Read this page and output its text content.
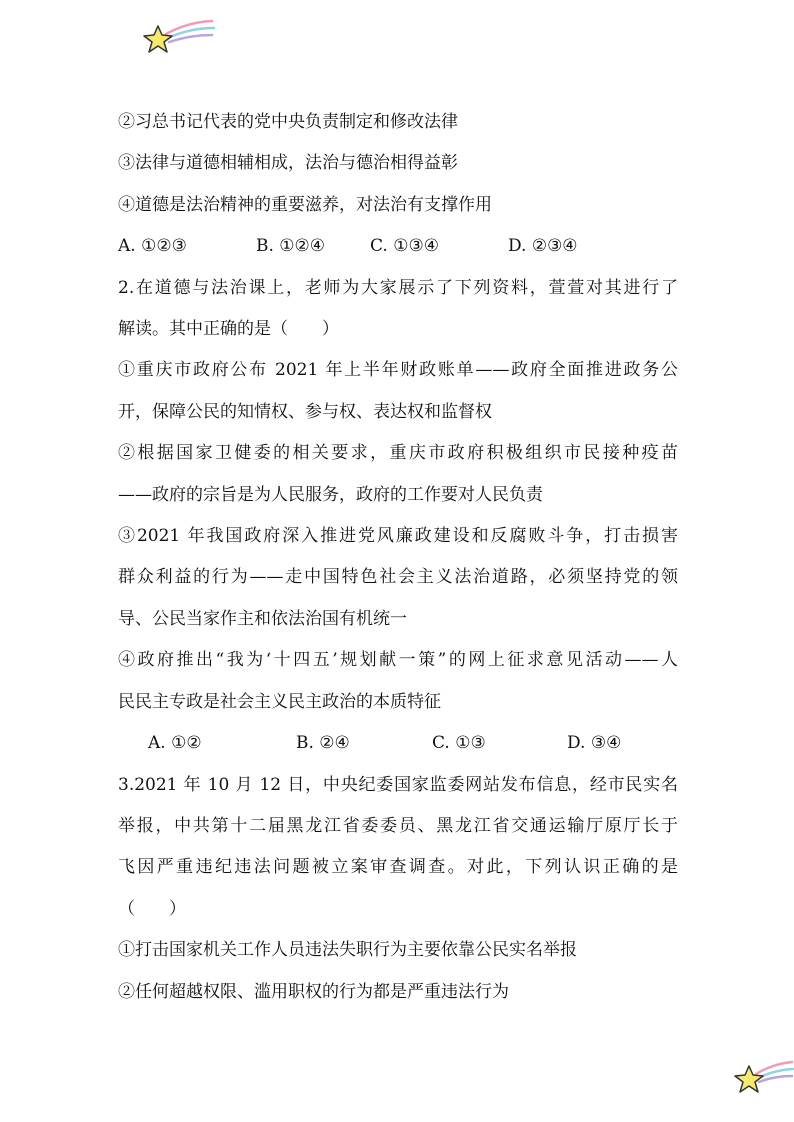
②习总书记代表的党中央负责制定和修改法律

③法律与道德相辅相成，法治与德治相得益彰

④道德是法治精神的重要滋养，对法治有支撑作用

A. ①②③	B. ①②④	C. ①③④	D. ②③④

2.在道德与法治课上，老师为大家展示了下列资料，萱萱对其进行了

解读。其中正确的是（　　）

①重庆市政府公布 2021 年上半年财政账单——政府全面推进政务公

开，保障公民的知情权、参与权、表达权和监督权

②根据国家卫健委的相关要求，重庆市政府积极组织市民接种疫苗

——政府的宗旨是为人民服务，政府的工作要对人民负责

③2021 年我国政府深入推进党风廉政建设和反腐败斗争，打击损害

群众利益的行为——走中国特色社会主义法治道路，必须坚持党的领

导、公民当家作主和依法治国有机统一

④政府推出“我为‘十四五’规划献一策”的网上征求意见活动——人

民民主专政是社会主义民主政治的本质特征

A. ①②	B. ②④	C. ①③	D. ③④

3.2021 年 10 月 12 日，中央纪委国家监委网站发布信息，经市民实名

举报，中共第十二届黑龙江省委委员、黑龙江省交通运输厅原厅长于

飞因严重违纪违法问题被立案审查调查。对此，下列认识正确的是

（　　）

①打击国家机关工作人员违法失职行为主要依靠公民实名举报

②任何超越权限、滥用职权的行为都是严重违法行为
